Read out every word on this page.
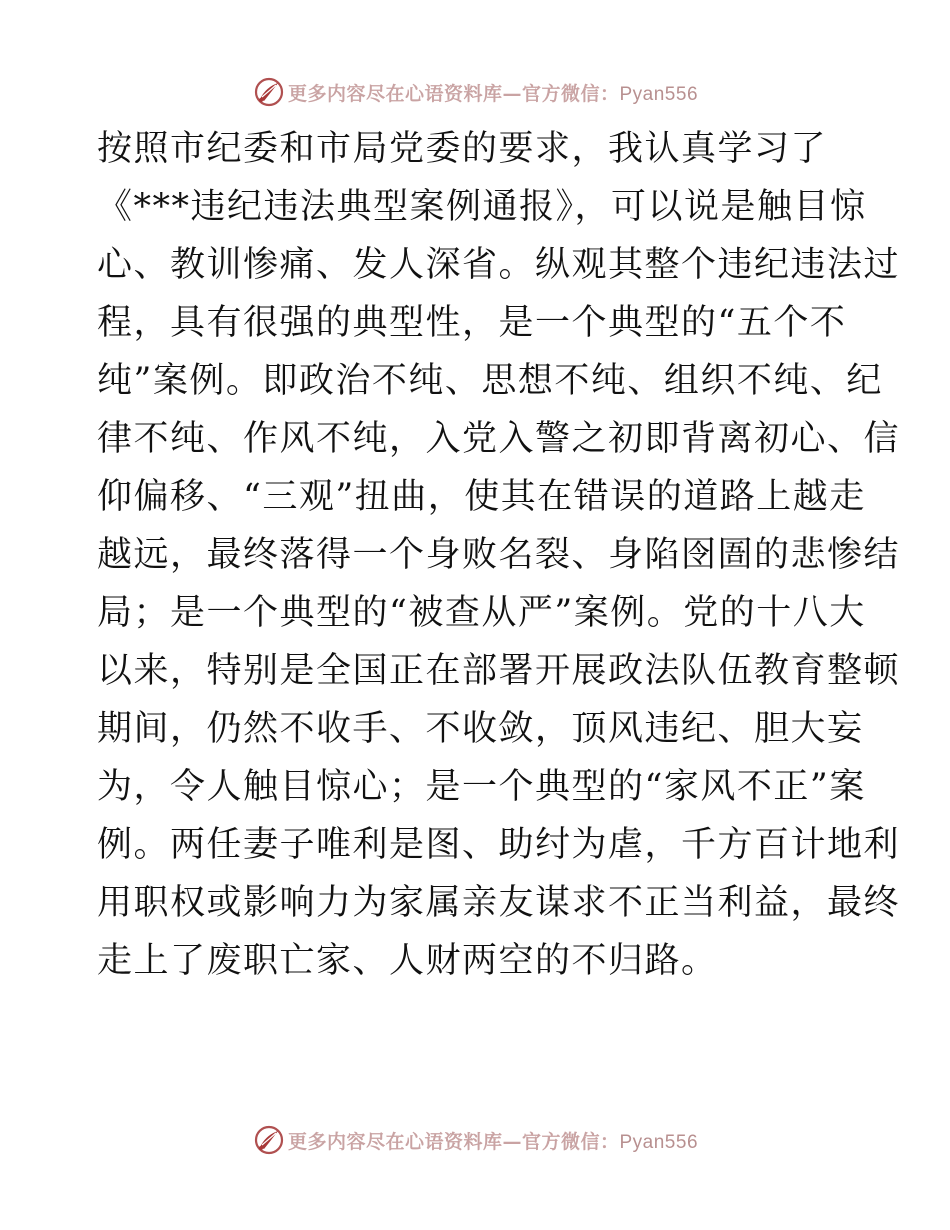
更多内容尽在心语资料库—官方微信：Pyan556
按照市纪委和市局党委的要求，我认真学习了
《***违纪违法典型案例通报》，可以说是触目惊
心、教训惨痛、发人深省。纵观其整个违纪违法过
程，具有很强的典型性，是一个典型的“五个不
纯”案例。即政治不纯、思想不纯、组织不纯、纪
律不纯、作风不纯，入党入警之初即背离初心、信
仰偏移、“三观”扭曲，使其在错误的道路上越走
越远，最终落得一个身败名裂、身陷囹圄的悲惨结
局；是一个典型的“被查从严”案例。党的十八大
以来，特别是全国正在部署开展政法队伍教育整顿
期间，仍然不收手、不收敛，顶风违纪、胆大妄
为，令人触目惊心；是一个典型的“家风不正”案
例。两任妻子唯利是图、助纣为虐，千方百计地利
用职权或影响力为家属亲友谋求不正当利益，最终
走上了废职亡家、人财两空的不归路。
更多内容尽在心语资料库—官方微信：Pyan556
